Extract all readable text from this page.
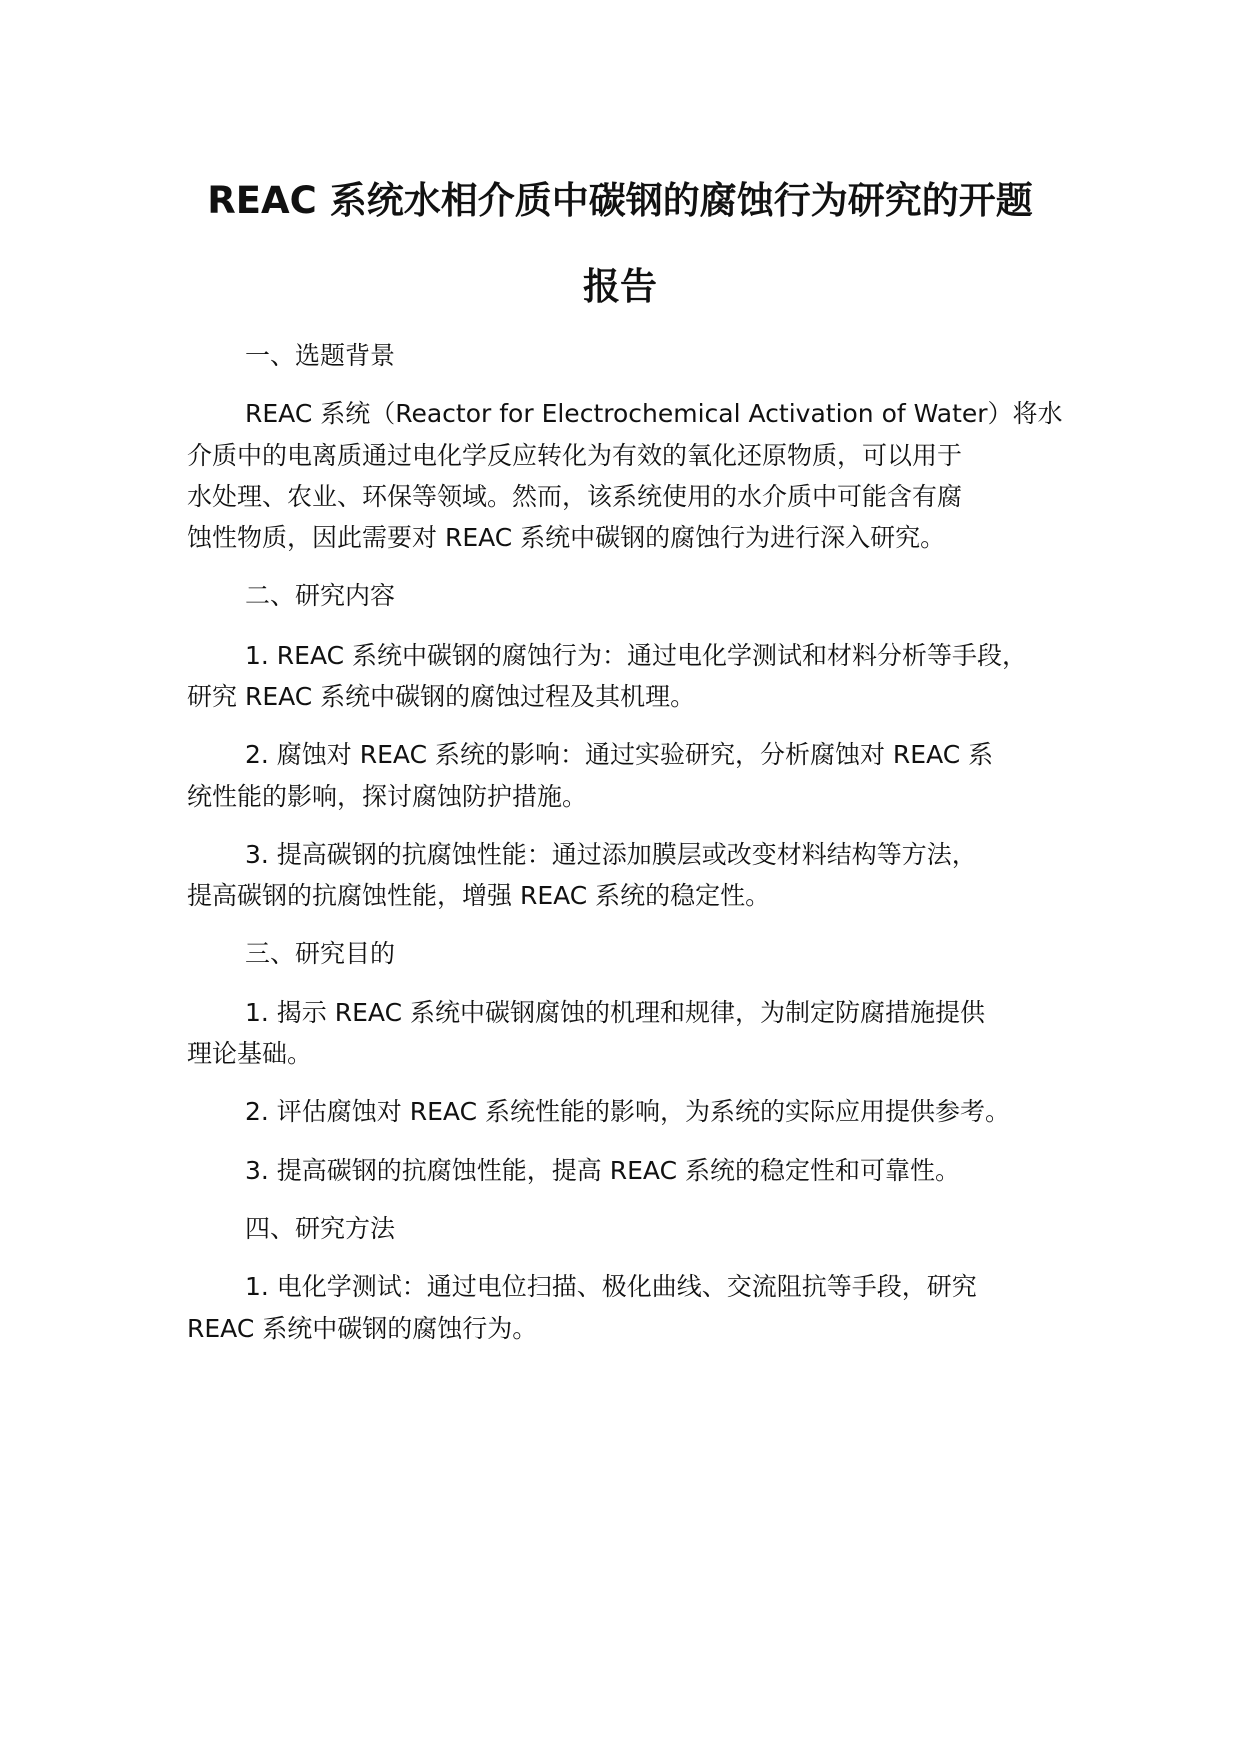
REAC 系统水相介质中碳钢的腐蚀行为研究的开题
报告

一、选题背景

REAC 系统（Reactor for Electrochemical Activation of Water）将水

介质中的电离质通过电化学反应转化为有效的氧化还原物质，可以用于

水处理、农业、环保等领域。然而，该系统使用的水介质中可能含有腐

蚀性物质，因此需要对 REAC 系统中碳钢的腐蚀行为进行深入研究。

二、研究内容

1. REAC 系统中碳钢的腐蚀行为：通过电化学测试和材料分析等手段，

研究 REAC 系统中碳钢的腐蚀过程及其机理。

2. 腐蚀对 REAC 系统的影响：通过实验研究，分析腐蚀对 REAC 系

统性能的影响，探讨腐蚀防护措施。

3. 提高碳钢的抗腐蚀性能：通过添加膜层或改变材料结构等方法，

提高碳钢的抗腐蚀性能，增强 REAC 系统的稳定性。

三、研究目的

1. 揭示 REAC 系统中碳钢腐蚀的机理和规律，为制定防腐措施提供

理论基础。

2. 评估腐蚀对 REAC 系统性能的影响，为系统的实际应用提供参考。

3. 提高碳钢的抗腐蚀性能，提高 REAC 系统的稳定性和可靠性。

四、研究方法

1. 电化学测试：通过电位扫描、极化曲线、交流阻抗等手段，研究

REAC 系统中碳钢的腐蚀行为。
